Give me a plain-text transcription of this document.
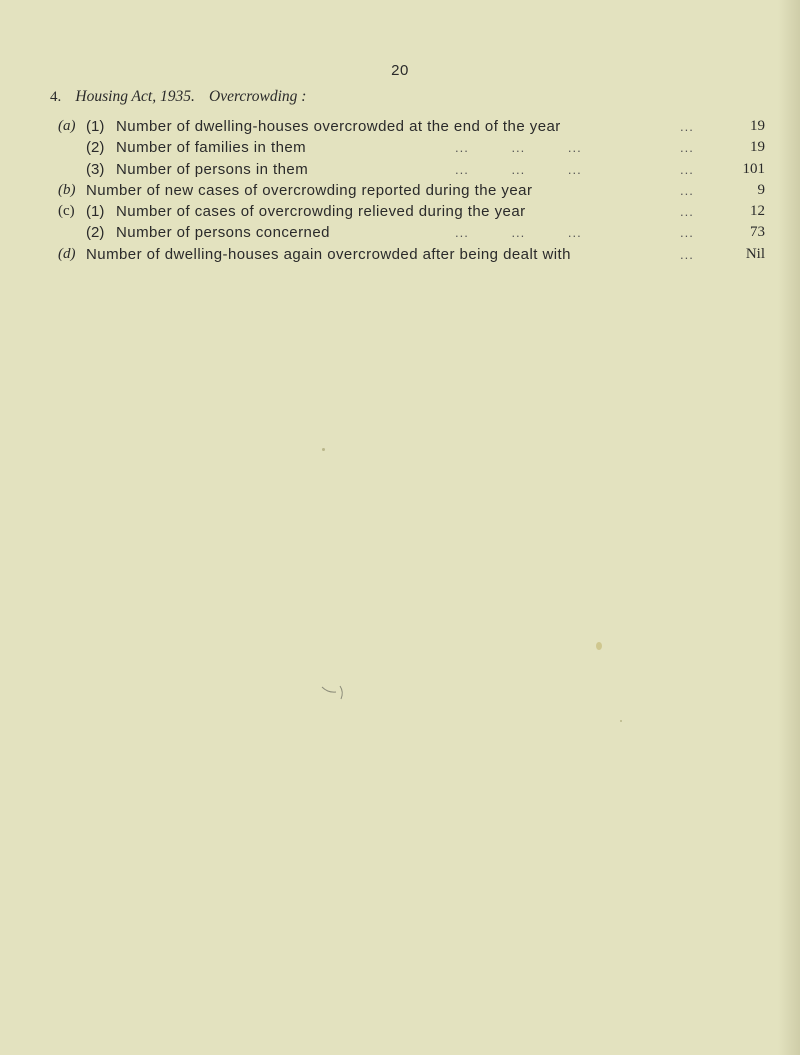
20
4. Housing Act, 1935. Overcrowding :
(a) (1) Number of dwelling-houses overcrowded at the end of the year	...	19
(2) Number of families in them	... ... ...	...	19
(3) Number of persons in them	... ... ...	...	101
(b) Number of new cases of overcrowding reported during the year	...	9
(c) (1) Number of cases of overcrowding relieved during the year	...	12
(2) Number of persons concerned	... ... ...	...	73
(d) Number of dwelling-houses again overcrowded after being dealt with	...	Nil
